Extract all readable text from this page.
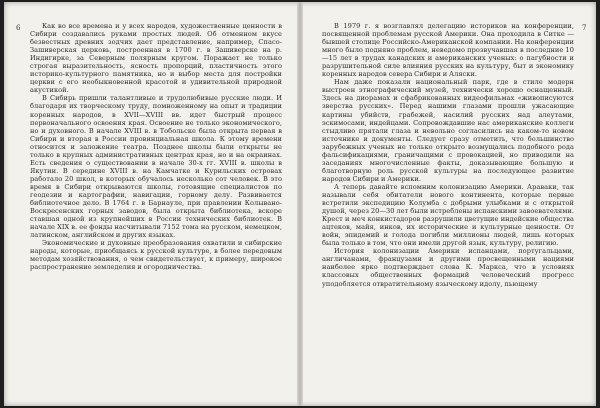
6	7

Как во все времена и у всех народов, художественные ценности в Сибири создавались руками простых людей. Об отменном вкусе безвестных древних зодчих дает представление, например, Спасо-Зашиверская церковь, построенная в 1700 г. в Зашиверске на р. Индигирке, за Северным полярным кругом. Поражает не только строгая выразительность, ясность пропорций, пластичность этого историко-культурного памятника, но и выбор места для постройки церкви с его необыкновенной красотой и удивительной природной акустикой.

В Сибирь пришли талантливые и трудолюбивые русские люди. И благодаря их творческому труду, помноженному на опыт и традиции коренных народов, в XVII—XVIII вв. идет быстрый процесс первоначального освоения края. Освоение не только экономического, но и духовного. В начале XVIII в. в Тобольске была открыта первая в Сибири и вторая в России провинциальная школа. К этому времени относится и заложение театра. Позднее школы были открыты не только в крупных административных центрах края, но и на окраинах. Есть сведения о существовании в начале 30-х гг. XVIII в. школы в Якутии. В середине XVIII в. на Камчатке и Курильских островах работало 20 школ, в которых обучалось несколько сот человек. В это время в Сибири открываются школы, готовящие специалистов по геодезии и картографии, навигации, горному делу. Развивается библиотечное дело. В 1764 г. в Барнауле, при правлении Колывано-Воскресенских горных заводов, была открыта библиотека, вскоре ставшая одной из крупнейших в России технических библиотек. В начале XIX в. ее фонды насчитывали 7152 тома на русском, немецком, латинском, английском и других языках.

Экономические и духовные преобразования охватили и сибирские народы, которые, приобщаясь к русской культуре, в более передовым методам хозяйствования, о чем свидетельствует, к примеру, широкое распространение земледелия и огородничества.

В 1979 г. я возглавлял делегацию историков на конференции, посвященной проблемам русской Америки. Она проходила в Ситке — бывшей столице Российско-Американской компании. На конференции много было подняно проблем, неведомо прозвучавшая в последние 10—15 лет в трудах канадских и американских ученых: о пагубности и разрушительной силе влияния русских на культуру, быт и экономику коренных народов севера Сибири и Аляски.

Нам даже показали национальный парк, где в стиле модерн выстроен этнографический музей, технически хорошо оснащенный. Здесь на диорамах и сфабрикованных видеофильмах «живописуются зверства русских». Перед нашими глазами прошли ужасающие картины убийств, грабежей, насилий русских над алеутами, эскимосами, индейцами. Сопровождавшие нас американские коллеги стыдливо прятали глаза и невольно согласились на каком-то новом источнике и документы. Следует сразу отметить, что большинство зарубежных ученых не только открыто возмущались подобного рода фальсификациями, граничащими с провокацией, но приводили на заседаниях многочисленные факты, доказывающие большую и благотворную роль русской культуры на последующее развитие народов Сибири и Америки.

А теперь давайте вспомним колонизацию Америки. Араваки, так называли себя обитатели нового континента, которые первые встретили экспедицию Колумба с добрыми улыбками и с открытой душой, через 20—30 лет были истреблены испанскими завоевателями. Крест и меч конкистадоров разрушили цветущие индейские общества ацтеков, майя, инков, их исторические и культурные ценности. От войн, эпидемий и голода погибли миллионы людей, лишь которых была только в том, что они имели другой язык, культуру, религию.

История колонизации Америки испанцами, португальцами, англичанами, французами и другими просвещенными нациями наиболее ярко подтверждает слова К. Маркса, что в условиях классовых общественных формаций человеческий прогресс уподобляется отвратительному языческому идолу, пьющему
